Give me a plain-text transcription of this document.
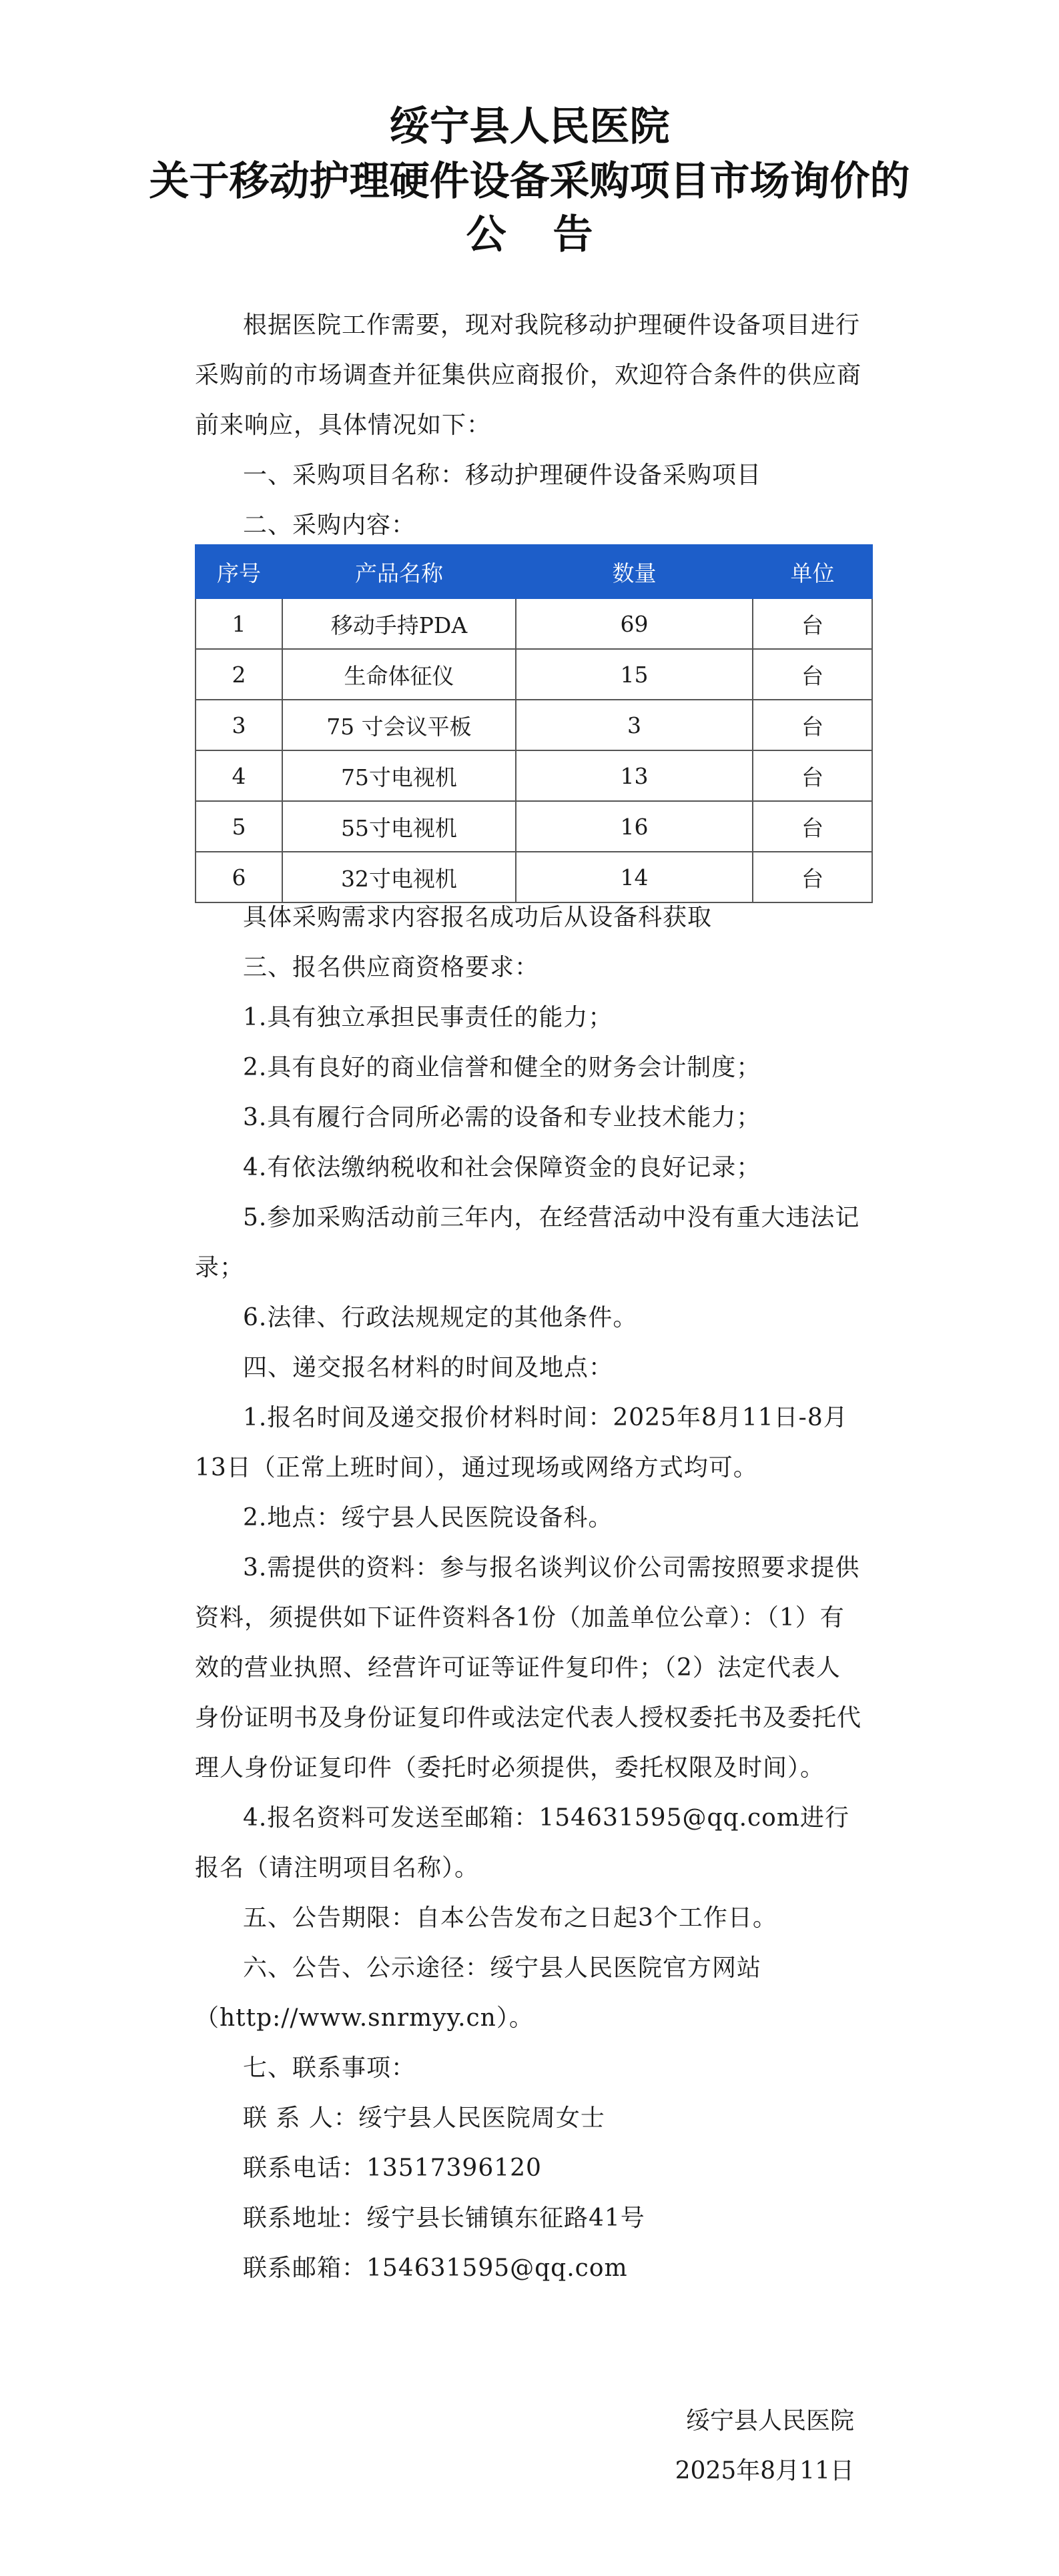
绥宁县人民医院
关于移动护理硬件设备采购项目市场询价的
公告
根据医院工作需要，现对我院移动护理硬件设备项目进行采购前的市场调查并征集供应商报价，欢迎符合条件的供应商前来响应，具体情况如下：
一、采购项目名称：移动护理硬件设备采购项目
二、采购内容：
序号	产品名称	数量	单位
1	移动手持PDA	69	台
2	生命体征仪	15	台
3	75 寸会议平板	3	台
4	75寸电视机	13	台
5	55寸电视机	16	台
6	32寸电视机	14	台
具体采购需求内容报名成功后从设备科获取
三、报名供应商资格要求：
1.具有独立承担民事责任的能力；
2.具有良好的商业信誉和健全的财务会计制度；
3.具有履行合同所必需的设备和专业技术能力；
4.有依法缴纳税收和社会保障资金的良好记录；
5.参加采购活动前三年内，在经营活动中没有重大违法记录；
6.法律、行政法规规定的其他条件。
四、递交报名材料的时间及地点：
1.报名时间及递交报价材料时间：2025年8月11日-8月13日（正常上班时间），通过现场或网络方式均可。
2.地点：绥宁县人民医院设备科。
3.需提供的资料：参与报名谈判议价公司需按照要求提供资料，须提供如下证件资料各1份（加盖单位公章）：（1）有效的营业执照、经营许可证等证件复印件；（2）法定代表人身份证明书及身份证复印件或法定代表人授权委托书及委托代理人身份证复印件（委托时必须提供，委托权限及时间）。
4.报名资料可发送至邮箱：154631595@qq.com进行报名（请注明项目名称）。
五、公告期限：自本公告发布之日起3个工作日。
六、公告、公示途径：绥宁县人民医院官方网站（http://www.snrmyy.cn）。
七、联系事项：
联 系 人：绥宁县人民医院周女士
联系电话：13517396120
联系地址：绥宁县长铺镇东征路41号
联系邮箱：154631595@qq.com
绥宁县人民医院
2025年8月11日
